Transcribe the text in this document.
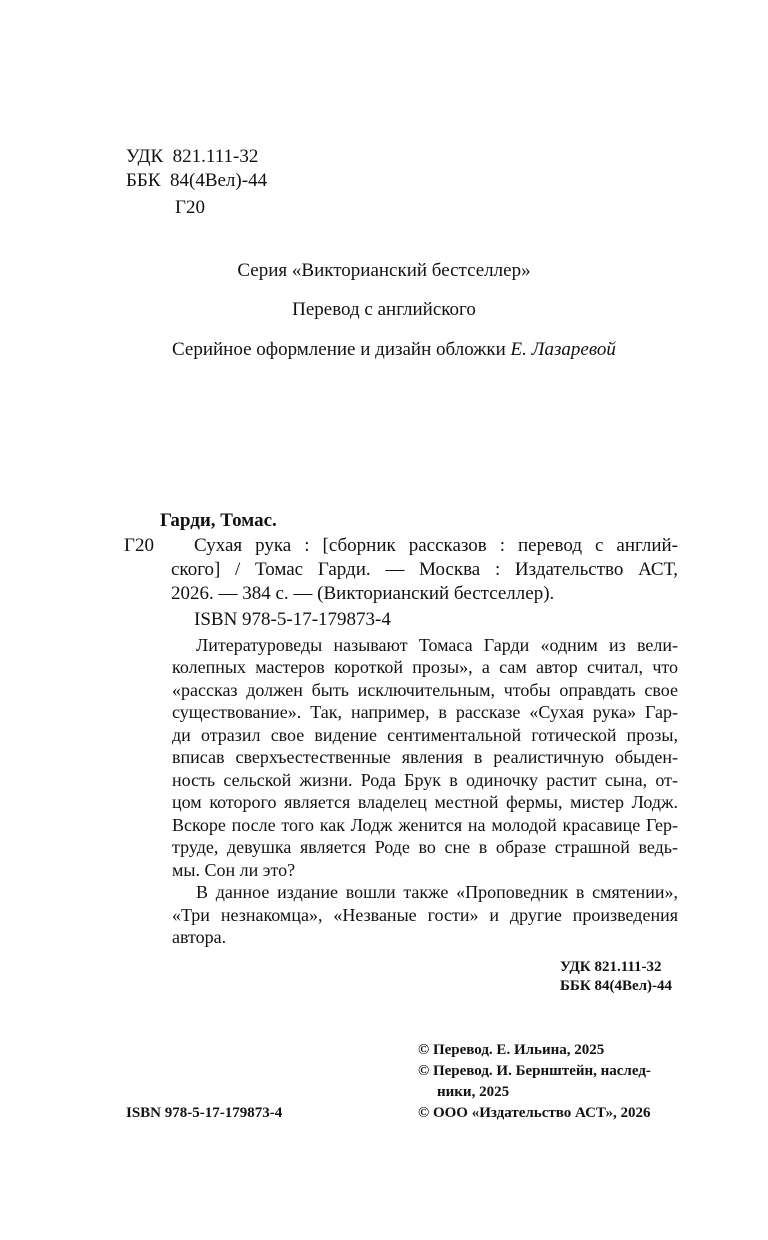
УДК 821.111-32
ББК 84(4Вел)-44
Г20
Серия «Викторианский бестселлер»
Перевод с английского
Серийное оформление и дизайн обложки Е. Лазаревой
Гарди, Томас.
Г20 Сухая рука : [сборник рассказов : перевод с англий-
ского] / Томас Гарди. — Москва : Издательство АСТ,
2026. — 384 с. — (Викторианский бестселлер).
ISBN 978-5-17-179873-4
Литературоведы называют Томаса Гарди «одним из вели-
колепных мастеров короткой прозы», а сам автор считал, что
«рассказ должен быть исключительным, чтобы оправдать свое
существование». Так, например, в рассказе «Сухая рука» Гар-
ди отразил свое видение сентиментальной готической прозы,
вписав сверхъестественные явления в реалистичную обыден-
ность сельской жизни. Рода Брук в одиночку растит сына, от-
цом которого является владелец местной фермы, мистер Лодж.
Вскоре после того как Лодж женится на молодой красавице Гер-
труде, девушка является Роде во сне в образе страшной ведь-
мы. Сон ли это?
В данное издание вошли также «Проповедник в смятении»,
«Три незнакомца», «Незваные гости» и другие произведения
автора.
УДК 821.111-32
ББК 84(4Вел)-44
© Перевод. Е. Ильина, 2025
© Перевод. И. Бернштейн, наслед-
ники, 2025
© ООО «Издательство АСТ», 2026
ISBN 978-5-17-179873-4
